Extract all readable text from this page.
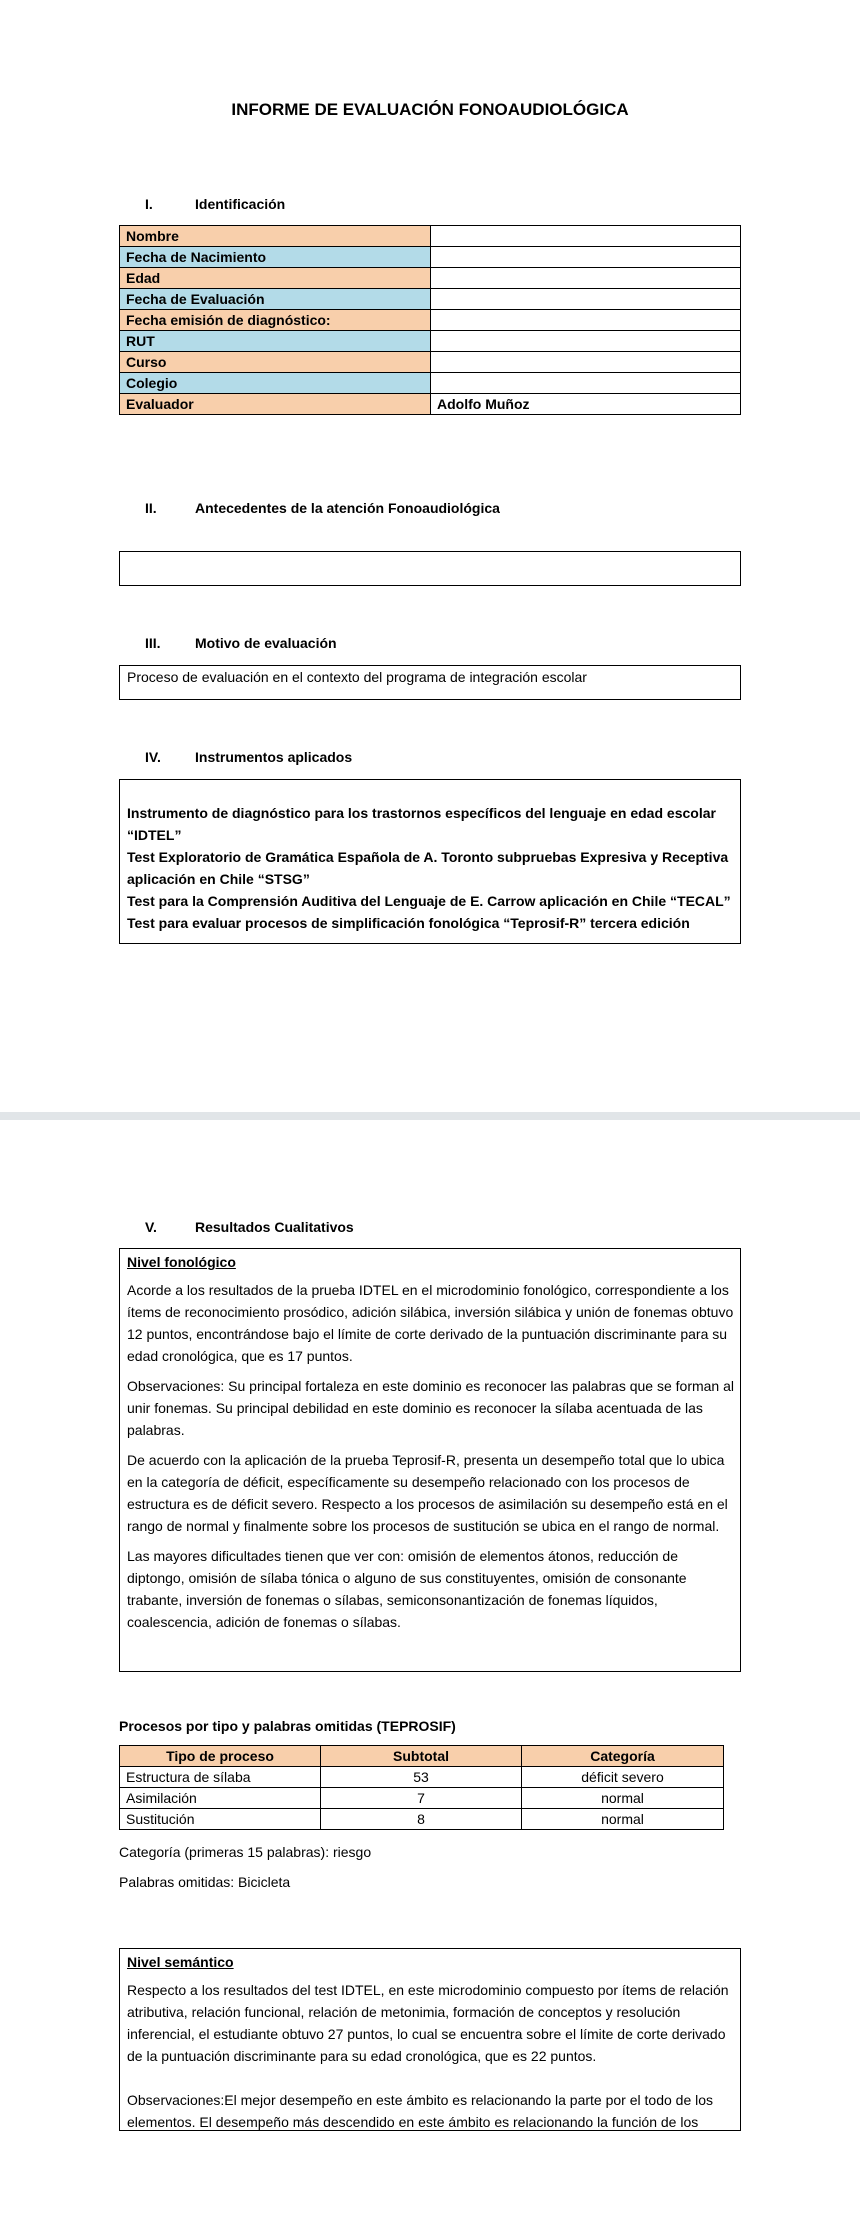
INFORME DE EVALUACIÓN FONOAUDIOLÓGICA
I.	Identificación
Nombre	
Fecha de Nacimiento	
Edad	
Fecha de Evaluación	
Fecha emisión de diagnóstico:	
RUT	
Curso	
Colegio	
Evaluador	Adolfo Muñoz
II.	Antecedentes de la atención Fonoaudiológica
III. Motivo de evaluación
Proceso de evaluación en el contexto del programa de integración escolar
IV. Instrumentos aplicados
Instrumento de diagnóstico para los trastornos específicos del lenguaje en edad escolar “IDTEL”
Test Exploratorio de Gramática Española de A. Toronto subpruebas Expresiva y Receptiva aplicación en Chile “STSG”
Test para la Comprensión Auditiva del Lenguaje de E. Carrow aplicación en Chile “TECAL”
Test para evaluar procesos de simplificación fonológica “Teprosif-R” tercera edición
V.	Resultados Cualitativos

Nivel fonológico

Acorde a los resultados de la prueba IDTEL en el microdominio fonológico, correspondiente a los ítems de reconocimiento prosódico, adición silábica, inversión silábica y unión de fonemas obtuvo 12 puntos, encontrándose bajo el límite de corte derivado de la puntuación discriminante para su edad cronológica, que es 17 puntos.

Observaciones: Su principal fortaleza en este dominio es reconocer las palabras que se forman al unir fonemas. Su principal debilidad en este dominio es reconocer la sílaba acentuada de las palabras.

De acuerdo con la aplicación de la prueba Teprosif-R, presenta un desempeño total que lo ubica en la categoría de déficit, específicamente su desempeño relacionado con los procesos de estructura es de déficit severo. Respecto a los procesos de asimilación su desempeño está en el rango de normal y finalmente sobre los procesos de sustitución se ubica en el rango de normal.

Las mayores dificultades tienen que ver con: omisión de elementos átonos, reducción de diptongo, omisión de sílaba tónica o alguno de sus constituyentes, omisión de consonante trabante, inversión de fonemas o sílabas, semiconsonantización de fonemas líquidos, coalescencia, adición de fonemas o sílabas.

Procesos por tipo y palabras omitidas (TEPROSIF)
Tipo de proceso	Subtotal	Categoría
Estructura de sílaba	53	déficit severo
Asimilación	7	normal
Sustitución	8	normal
Categoría (primeras 15 palabras): riesgo
Palabras omitidas: Bicicleta

Nivel semántico

Respecto a los resultados del test IDTEL, en este microdominio compuesto por ítems de relación atributiva, relación funcional, relación de metonimia, formación de conceptos y resolución inferencial, el estudiante obtuvo 27 puntos, lo cual se encuentra sobre el límite de corte derivado de la puntuación discriminante para su edad cronológica, que es 22 puntos.

Observaciones:El mejor desempeño en este ámbito es relacionando la parte por el todo de los elementos. El desempeño más descendido en este ámbito es relacionando la función de los
